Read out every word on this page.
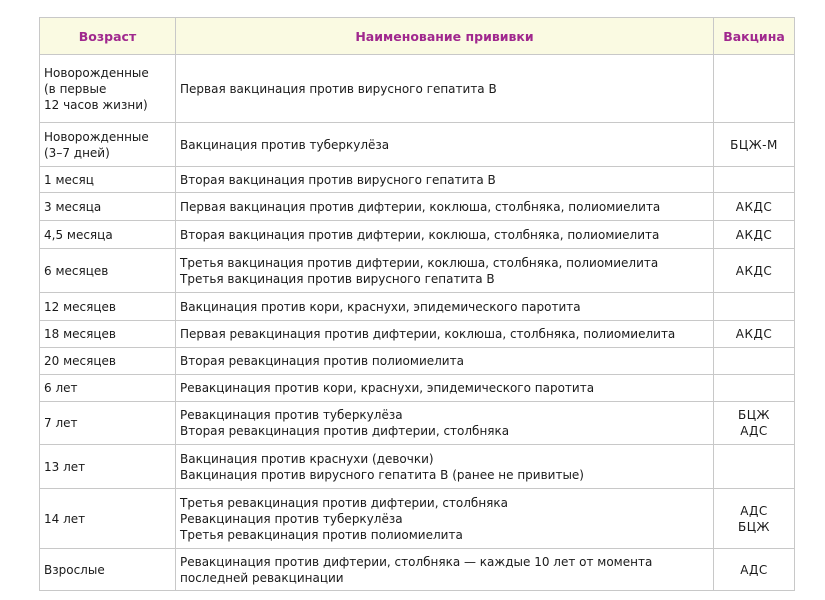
Возраст	Наименование прививки	Вакцина

Новорожденные
(в первые
12 часов жизни)	Первая вакцинация против вирусного гепатита В	

Новорожденные
(3–7 дней)	Вакцинация против туберкулёза	БЦЖ-М

1 месяц	Вторая вакцинация против вирусного гепатита В	

3 месяца	Первая вакцинация против дифтерии, коклюша, столбняка, полиомиелита	АКДС

4,5 месяца	Вторая вакцинация против дифтерии, коклюша, столбняка, полиомиелита	АКДС

6 месяцев	Третья вакцинация против дифтерии, коклюша, столбняка, полиомиелита
Третья вакцинация против вирусного гепатита В	АКДС

12 месяцев	Вакцинация против кори, краснухи, эпидемического паротита	

18 месяцев	Первая ревакцинация против дифтерии, коклюша, столбняка, полиомиелита	АКДС

20 месяцев	Вторая ревакцинация против полиомиелита	

6 лет	Ревакцинация против кори, краснухи, эпидемического паротита	

7 лет	Ревакцинация против туберкулёза
Вторая ревакцинация против дифтерии, столбняка	БЦЖ
АДС

13 лет	Вакцинация против краснухи (девочки)
Вакцинация против вирусного гепатита В (ранее не привитые)	

14 лет	Третья ревакцинация против дифтерии, столбняка
Ревакцинация против туберкулёза
Третья ревакцинация против полиомиелита	АДС
БЦЖ

Взрослые	Ревакцинация против дифтерии, столбняка — каждые 10 лет от момента
последней ревакцинации	АДС
